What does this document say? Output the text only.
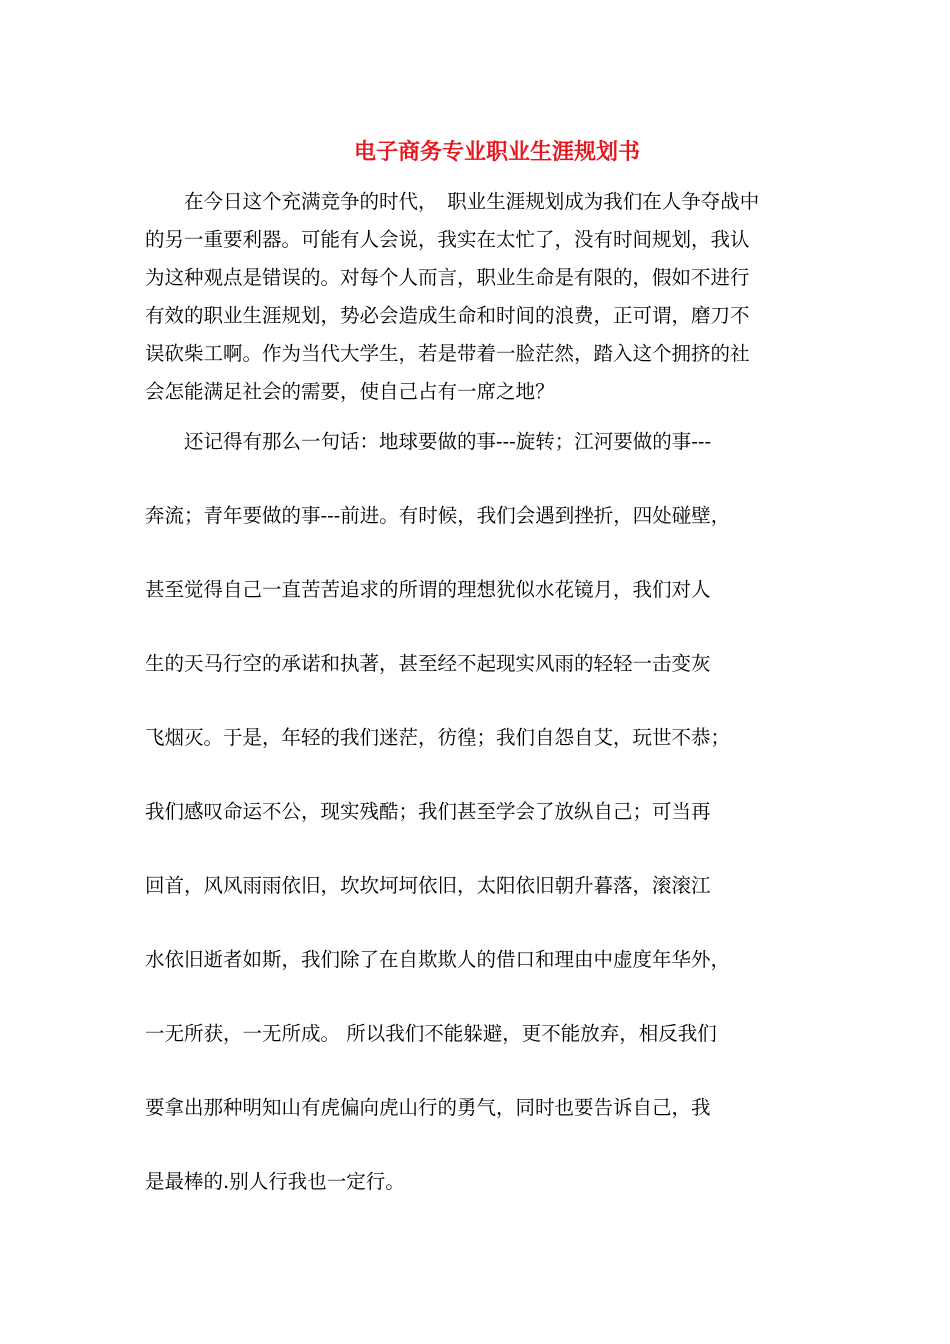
电子商务专业职业生涯规划书
　　在今日这个充满竞争的时代，　职业生涯规划成为我们在人争夺战中
的另一重要利器。可能有人会说，我实在太忙了，没有时间规划，我认
为这种观点是错误的。对每个人而言，职业生命是有限的，假如不进行
有效的职业生涯规划，势必会造成生命和时间的浪费，正可谓，磨刀不
误砍柴工啊。作为当代大学生，若是带着一脸茫然，踏入这个拥挤的社
会怎能满足社会的需要，使自己占有一席之地？
　　还记得有那么一句话：地球要做的事---旋转；江河要做的事---
奔流；青年要做的事---前进。有时候，我们会遇到挫折，四处碰壁，
甚至觉得自己一直苦苦追求的所谓的理想犹似水花镜月，我们对人
生的天马行空的承诺和执著，甚至经不起现实风雨的轻轻一击变灰
飞烟灭。于是，年轻的我们迷茫，彷徨；我们自怨自艾，玩世不恭；
我们感叹命运不公，现实残酷；我们甚至学会了放纵自己；可当再
回首，风风雨雨依旧，坎坎坷坷依旧，太阳依旧朝升暮落，滚滚江
水依旧逝者如斯，我们除了在自欺欺人的借口和理由中虚度年华外，
一无所获，一无所成。 所以我们不能躲避，更不能放弃，相反我们
要拿出那种明知山有虎偏向虎山行的勇气，同时也要告诉自己，我
是最棒的.别人行我也一定行。
